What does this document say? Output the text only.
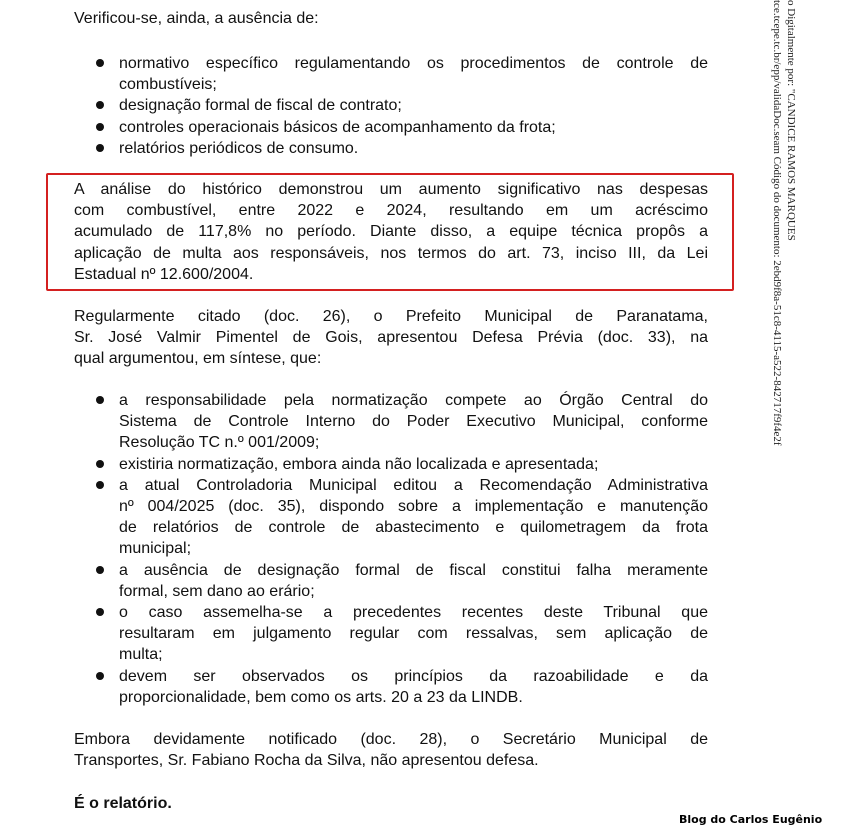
Verificou-se, ainda, a ausência de:

normativo específico regulamentando os procedimentos de controle de
combustíveis;
designação formal de fiscal de contrato;
controles operacionais básicos de acompanhamento da frota;
relatórios periódicos de consumo.

A análise do histórico demonstrou um aumento significativo nas despesas
com combustível, entre 2022 e 2024, resultando em um acréscimo
acumulado de 117,8% no período. Diante disso, a equipe técnica propôs a
aplicação de multa aos responsáveis, nos termos do art. 73, inciso III, da Lei
Estadual nº 12.600/2004.

Regularmente citado (doc. 26), o Prefeito Municipal de Paranatama,
Sr. José Valmir Pimentel de Gois, apresentou Defesa Prévia (doc. 33), na
qual argumentou, em síntese, que:

a responsabilidade pela normatização compete ao Órgão Central do
Sistema de Controle Interno do Poder Executivo Municipal, conforme
Resolução TC n.º 001/2009;
existiria normatização, embora ainda não localizada e apresentada;
a atual Controladoria Municipal editou a Recomendação Administrativa
nº 004/2025 (doc. 35), dispondo sobre a implementação e manutenção
de relatórios de controle de abastecimento e quilometragem da frota
municipal;
a ausência de designação formal de fiscal constitui falha meramente
formal, sem dano ao erário;
o caso assemelha-se a precedentes recentes deste Tribunal que
resultaram em julgamento regular com ressalvas, sem aplicação de
multa;
devem ser observados os princípios da razoabilidade e da
proporcionalidade, bem como os arts. 20 a 23 da LINDB.

Embora devidamente notificado (doc. 28), o Secretário Municipal de
Transportes, Sr. Fabiano Rocha da Silva, não apresentou defesa.

É o relatório.

o Digitalmente por: "CANDICE RAMOS MARQUES
tce.tcepe.tc.br/epp/validaDoc.seam Código do documento: 2ebd9f8a-51c8-4115-a522-842717f9f4e2f
Blog do Carlos Eugênio
